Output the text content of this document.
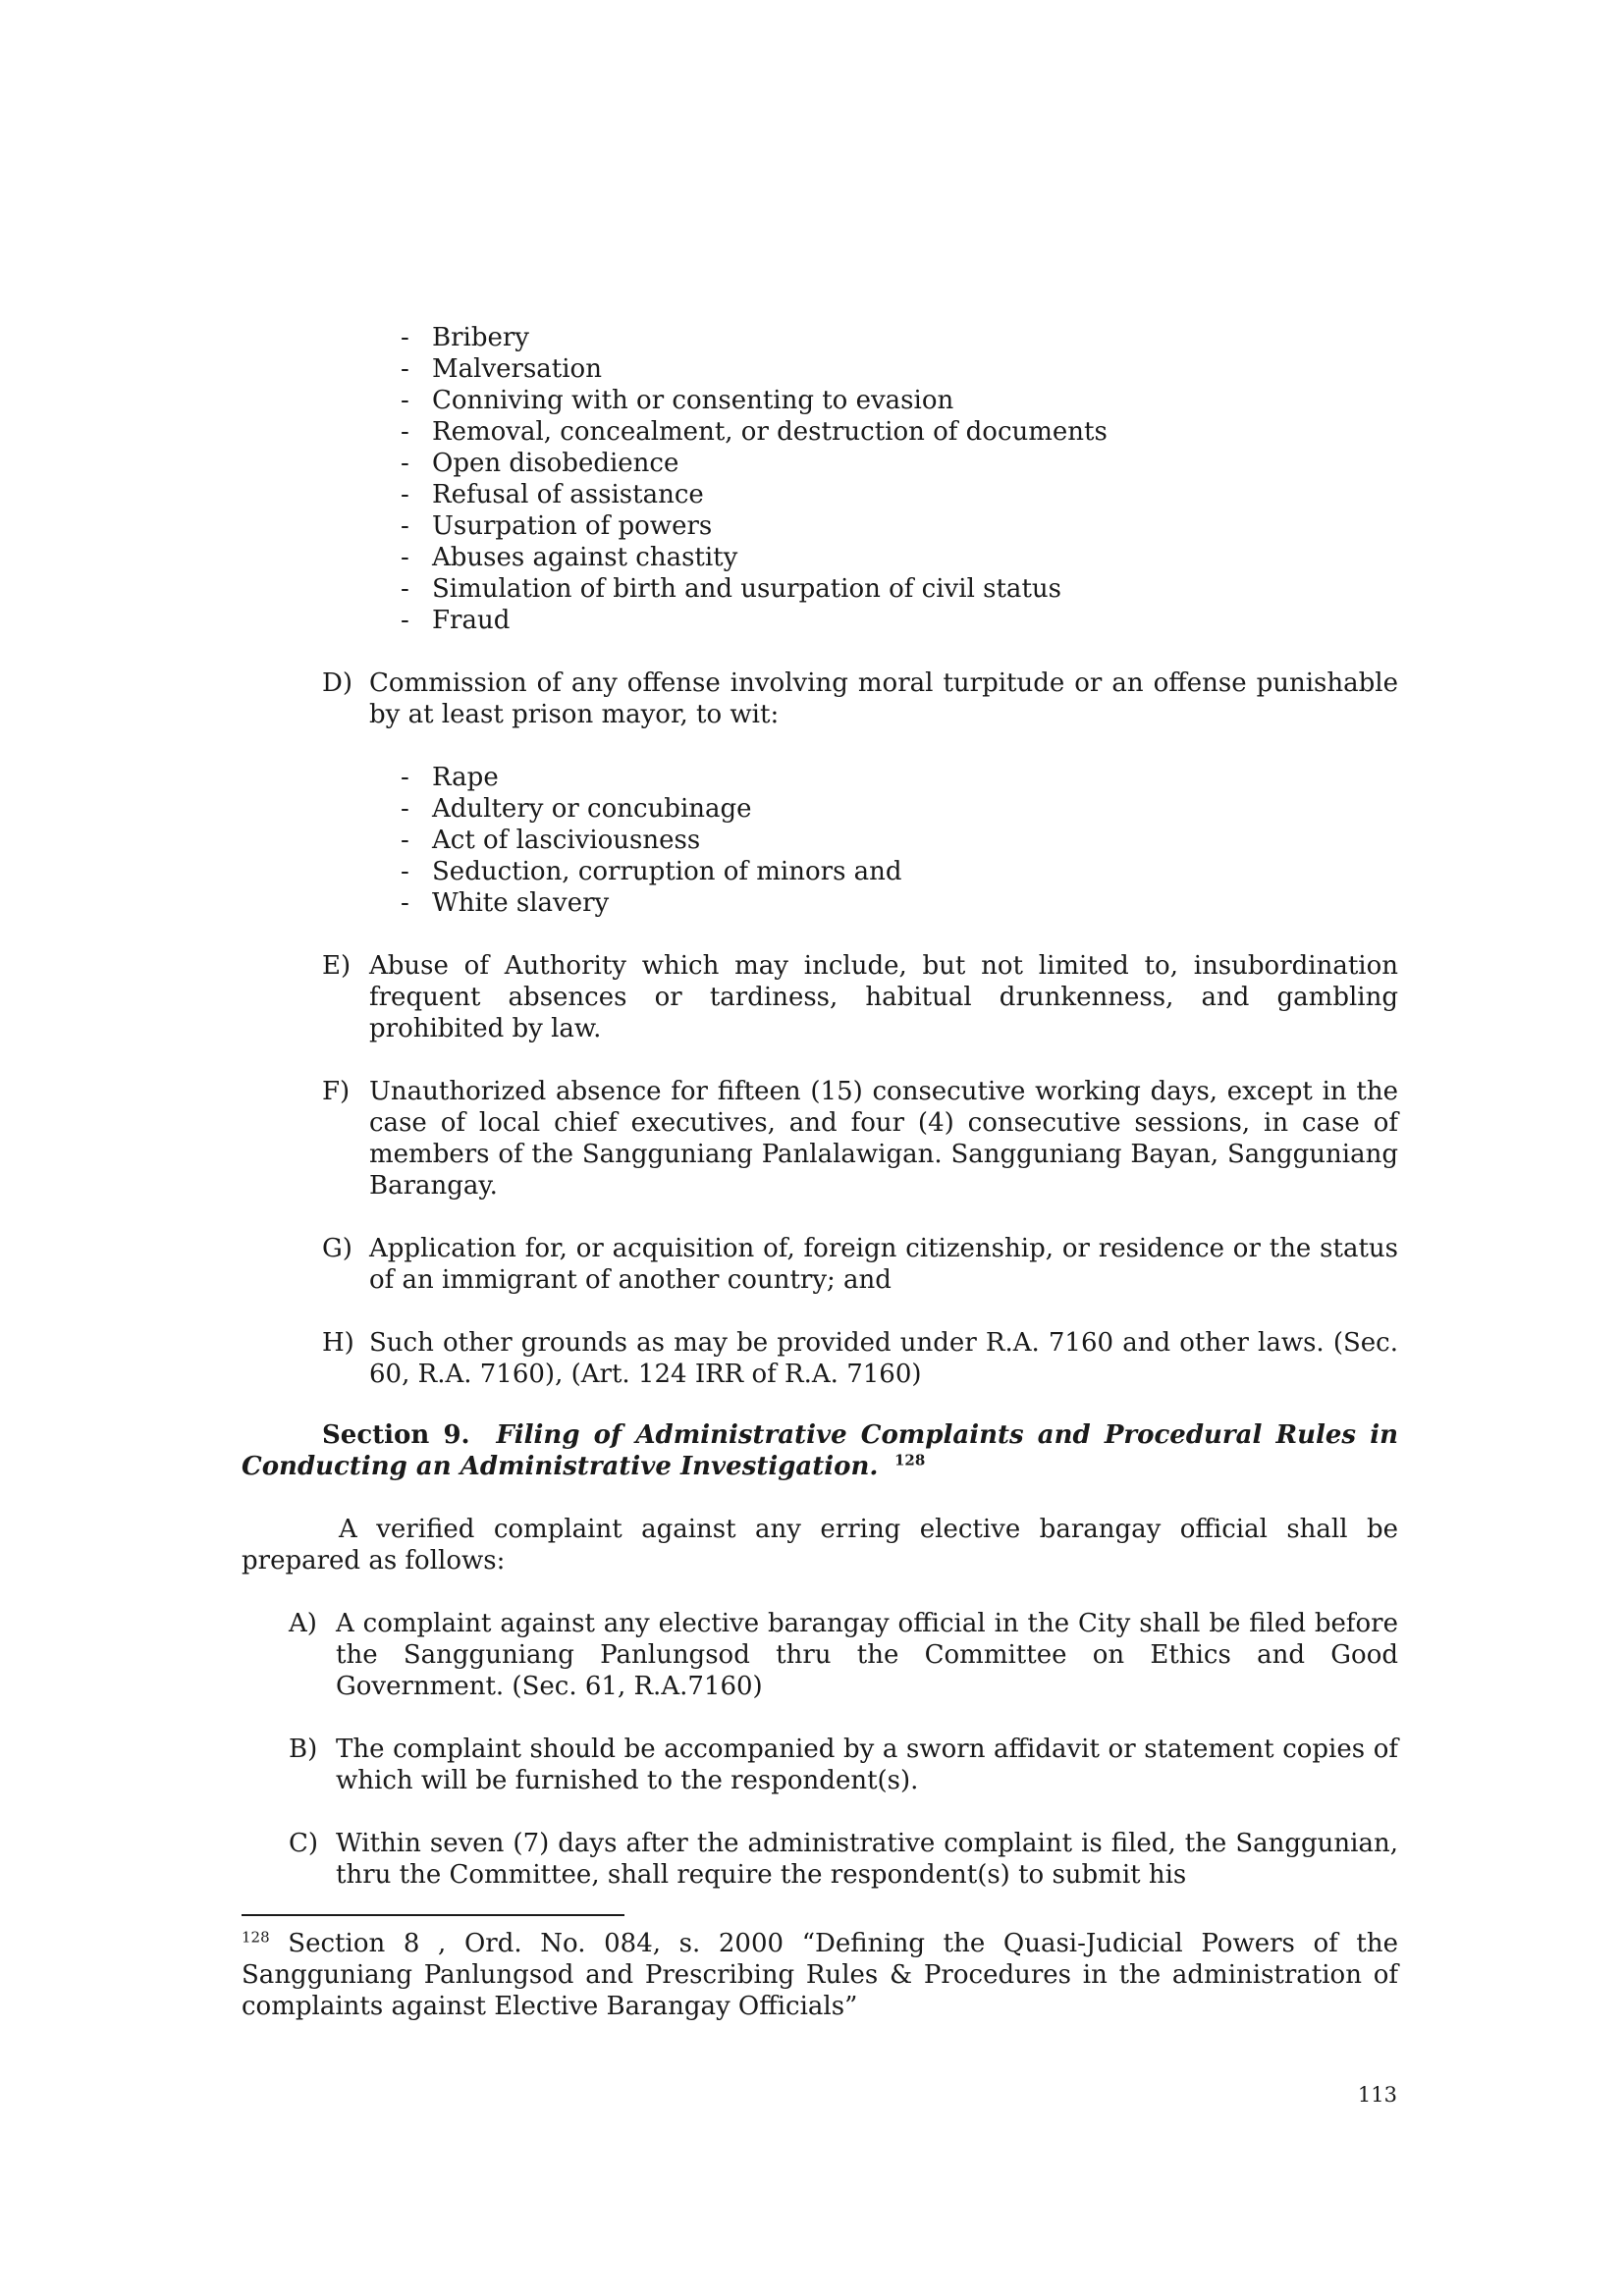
- Bribery
- Malversation
- Conniving with or consenting to evasion
- Removal, concealment, or destruction of documents
- Open disobedience
- Refusal of assistance
- Usurpation of powers
- Abuses against chastity
- Simulation of birth and usurpation of civil status
- Fraud
D) Commission of any offense involving moral turpitude or an offense punishable by at least prison mayor, to wit:
- Rape
- Adultery or concubinage
- Act of lasciviousness
- Seduction, corruption of minors and
- White slavery
E) Abuse of Authority which may include, but not limited to, insubordination frequent absences or tardiness, habitual drunkenness, and gambling prohibited by law.
F) Unauthorized absence for fifteen (15) consecutive working days, except in the case of local chief executives, and four (4) consecutive sessions, in case of members of the Sangguniang Panlalawigan. Sangguniang Bayan, Sangguniang Barangay.
G) Application for, or acquisition of, foreign citizenship, or residence or the status of an immigrant of another country; and
H) Such other grounds as may be provided under R.A. 7160 and other laws. (Sec. 60, R.A. 7160), (Art. 124 IRR of R.A. 7160)
Section 9. Filing of Administrative Complaints and Procedural Rules in Conducting an Administrative Investigation. $^{128}$
A verified complaint against any erring elective barangay official shall be prepared as follows:
A) A complaint against any elective barangay official in the City shall be filed before the Sangguniang Panlungsod thru the Committee on Ethics and Good Government. (Sec. 61, R.A.7160)
B) The complaint should be accompanied by a sworn affidavit or statement copies of which will be furnished to the respondent(s).
C) Within seven (7) days after the administrative complaint is filed, the Sanggunian, thru the Committee, shall require the respondent(s) to submit his
$^{128}$ Section 8 , Ord. No. 084, s. 2000 “Defining the Quasi-Judicial Powers of the Sangguniang Panlungsod and Prescribing Rules & Procedures in the administration of complaints against Elective Barangay Officials”
113
